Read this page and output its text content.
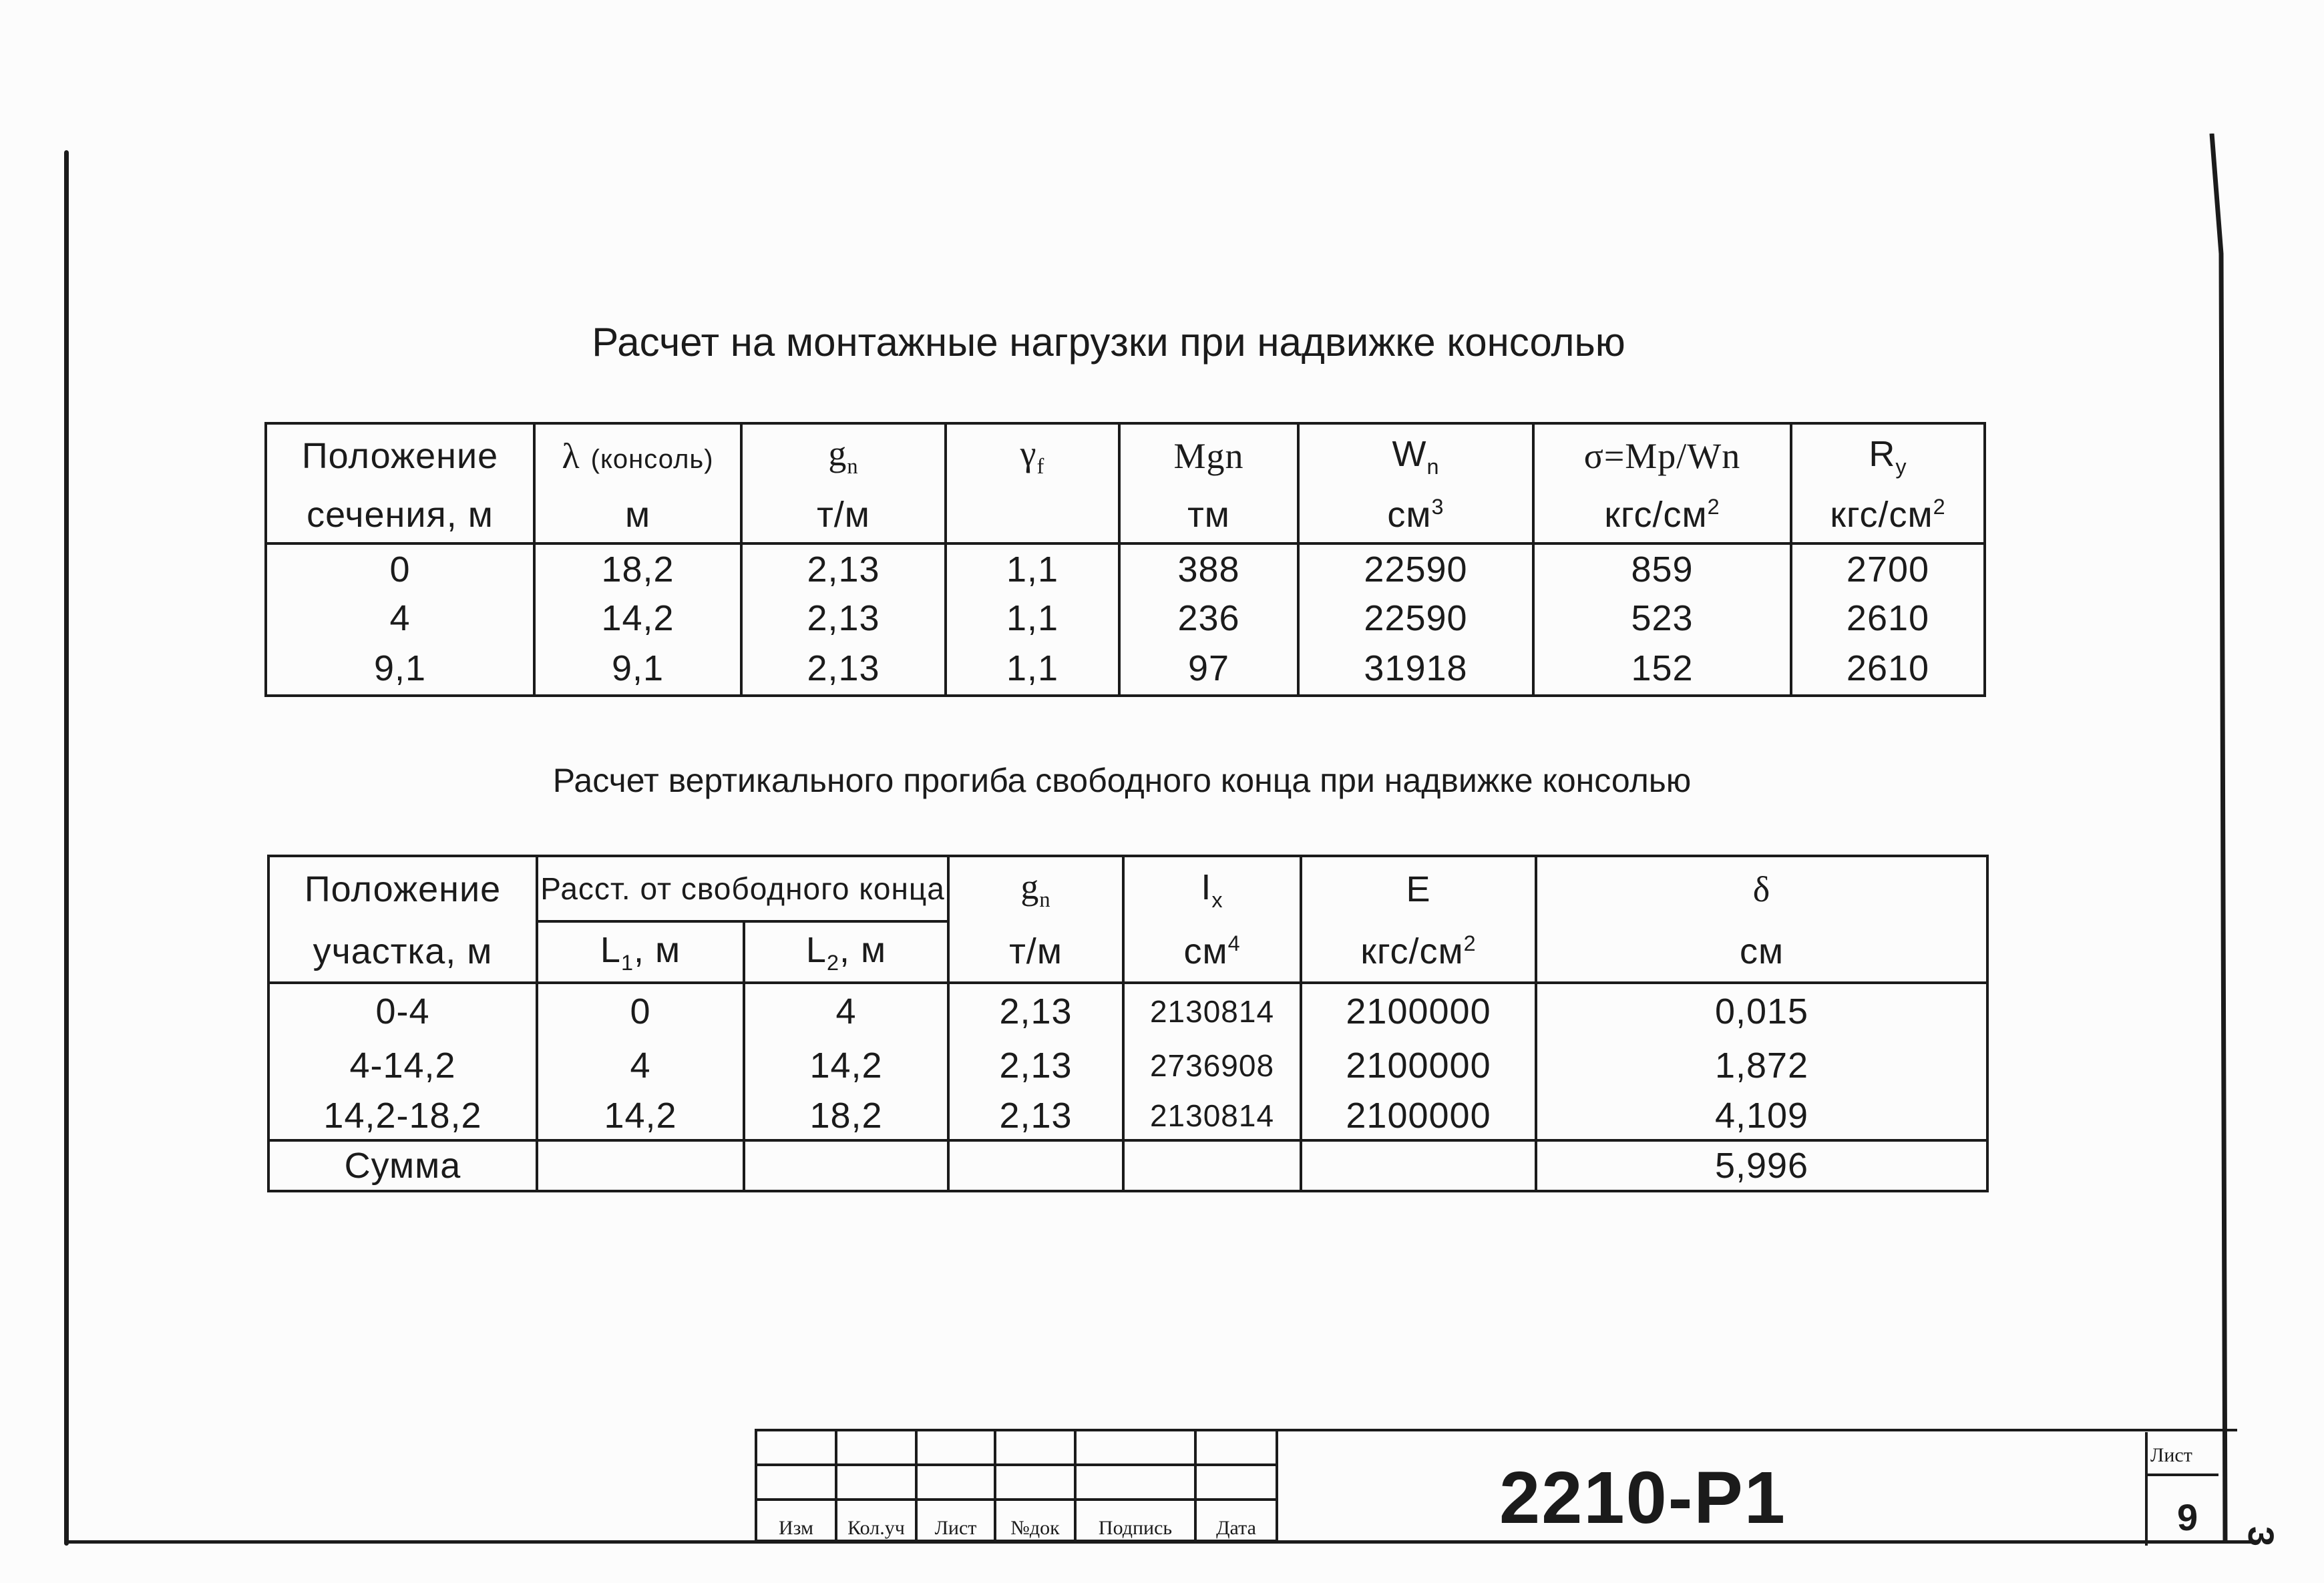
Расчет на монтажные нагрузки при надвижке консолью
Положение	λ (консоль)	$g_n$	$\gamma_f$	Mgn	$W_n$	σ=Mp/Wn	$R_y$
сечения, м	м	т/м		тм	$см^3$	кгс/$см^2$	кгс/$см^2$
0	18,2	2,13	1,1	388	22590	859	2700
4	14,2	2,13	1,1	236	22590	523	2610
9,1	9,1	2,13	1,1	97	31918	152	2610
Расчет вертикального прогиба свободного конца при надвижке консолью
Положение	Расст. от свободного конца		$g_n$	$I_x$	E	δ
участка, м	$L_1$, м	$L_2$, м	т/м	$см^4$	кгс/$см^2$	см
0-4	0	4	2,13	2130814	2100000	0,015
4-14,2	4	14,2	2,13	2736908	2100000	1,872
14,2-18,2	14,2	18,2	2,13	2130814	2100000	4,109
Сумма						5,996

Изм	Кол.уч	Лист	№док	Подпись	Дата	2210-Р1
Лист
9 3
